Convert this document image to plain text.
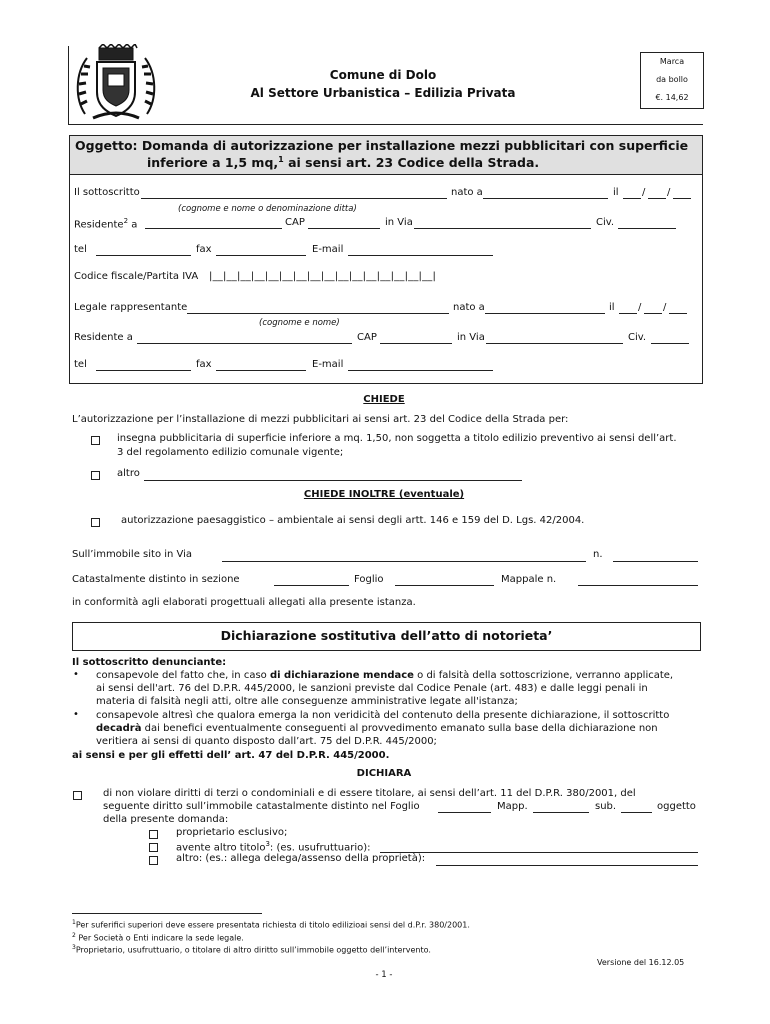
Comune di Dolo
Al Settore Urbanistica – Edilizia Privata
Marca
da bollo
€. 14,62
Oggetto: Domanda di autorizzazione per installazione mezzi pubblicitari con superficie
inferiore a 1,5 mq,$^1$ ai sensi art. 23 Codice della Strada.
Il sottoscritto	nato a	il / /
(cognome e nome o denominazione ditta)
Residente$^2$ a	CAP	in Via	Civ.
tel	fax	E-mail
Codice fiscale/Partita IVA |__|__|__|__|__|__|__|__|__|__|__|__|__|__|__|__|
Legale rappresentante	nato a	il / /
(cognome e nome)
Residente a	CAP	in Via	Civ.
tel	fax	E-mail
CHIEDE
L’autorizzazione per l’installazione di mezzi pubblicitari ai sensi art. 23 del Codice della Strada per:
insegna pubblicitaria di superficie inferiore a mq. 1,50, non soggetta a titolo edilizio preventivo ai sensi dell’art.
3 del regolamento edilizio comunale vigente;
altro
CHIEDE INOLTRE (eventuale)
autorizzazione paesaggistico – ambientale ai sensi degli artt. 146 e 159 del D. Lgs. 42/2004.
Sull’immobile sito in Via	n.
Catastalmente distinto in sezione	Foglio	Mappale n.
in conformità agli elaborati progettuali allegati alla presente istanza.
Dichiarazione sostitutiva dell’atto di notorieta’
Il sottoscritto denunciante:
• consapevole del fatto che, in caso di dichiarazione mendace o di falsità della sottoscrizione, verranno applicate,
ai sensi dell'art. 76 del D.P.R. 445/2000, le sanzioni previste dal Codice Penale (art. 483) e dalle leggi penali in
materia di falsità negli atti, oltre alle conseguenze amministrative legate all'istanza;
• consapevole altresì che qualora emerga la non veridicità del contenuto della presente dichiarazione, il sottoscritto
decadrà dai benefici eventualmente conseguenti al provvedimento emanato sulla base della dichiarazione non
veritiera ai sensi di quanto disposto dall’art. 75 del D.P.R. 445/2000;
ai sensi e per gli effetti dell’ art. 47 del D.P.R. 445/2000.
DICHIARA
di non violare diritti di terzi o condominiali e di essere titolare, ai sensi dell’art. 11 del D.P.R. 380/2001, del
seguente diritto sull’immobile catastalmente distinto nel Foglio	Mapp.	sub.	oggetto
della presente domanda:
proprietario esclusivo;
avente altro titolo$^3$: (es. usufruttuario):
altro: (es.: allega delega/assenso della proprietà):
$^1$Per suferifici superiori deve essere presentata richiesta di titolo edilizioai sensi del d.P.r. 380/2001.
$^2$ Per Società o Enti indicare la sede legale.
$^3$Proprietario, usufruttuario, o titolare di altro diritto sull’immobile oggetto dell’intervento.
Versione del 16.12.05
- 1 -
